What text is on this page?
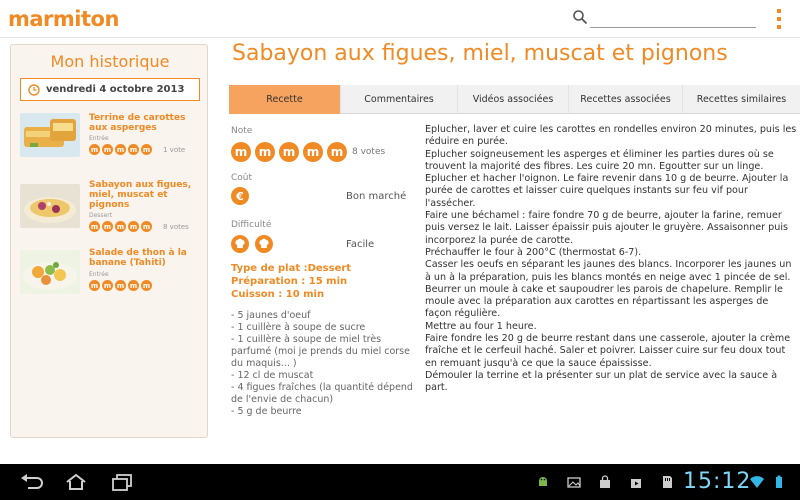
marmiton
Mon historique
vendredi 4 octobre 2013
Terrine de carottes aux asperges
Entrée
m m m m m 1 vote
Sabayon aux figues, miel, muscat et pignons
Dessert
m m m m m 8 votes
Salade de thon à la banane (Tahiti)
Entrée
m m m m m
Sabayon aux figues, miel, muscat et pignons
Recette	Commentaires	Vidéos associées	Recettes associées	Recettes similaires
Note
m m m m m 8 votes
Coût
€	Bon marché
Difficulté
Facile
Type de plat :Dessert
Préparation : 15 min
Cuisson : 10 min
- 5 jaunes d'oeuf
- 1 cuillère à soupe de sucre
- 1 cuillère à soupe de miel très parfumé (moi je prends du miel corse du maquis... )
- 12 cl de muscat
- 4 figues fraîches (la quantité dépend de l'envie de chacun)
- 5 g de beurre
Eplucher, laver et cuire les carottes en rondelles environ 20 minutes, puis les réduire en purée.
Eplucher soigneusement les asperges et éliminer les parties dures où se trouvent la majorité des fibres. Les cuire 20 mn. Egoutter sur un linge.
Eplucher et hacher l'oignon. Le faire revenir dans 10 g de beurre. Ajouter la purée de carottes et laisser cuire quelques instants sur feu vif pour l'assécher.
Faire une béchamel : faire fondre 70 g de beurre, ajouter la farine, remuer puis versez le lait. Laisser épaissir puis ajouter le gruyère. Assaisonner puis incorporez la purée de carotte.
Préchauffer le four à 200°C (thermostat 6-7).
Casser les oeufs en séparant les jaunes des blancs. Incorporer les jaunes un à un à la préparation, puis les blancs montés en neige avec 1 pincée de sel.
Beurrer un moule à cake et saupoudrer les parois de chapelure. Remplir le moule avec la préparation aux carottes en répartissant les asperges de façon régulière.
Mettre au four 1 heure.
Faire fondre les 20 g de beurre restant dans une casserole, ajouter la crème fraîche et le cerfeuil haché. Saler et poivrer. Laisser cuire sur feu doux tout en remuant jusqu'à ce que la sauce épaississe.
Démouler la terrine et la présenter sur un plat de service avec la sauce à part.
15:12
